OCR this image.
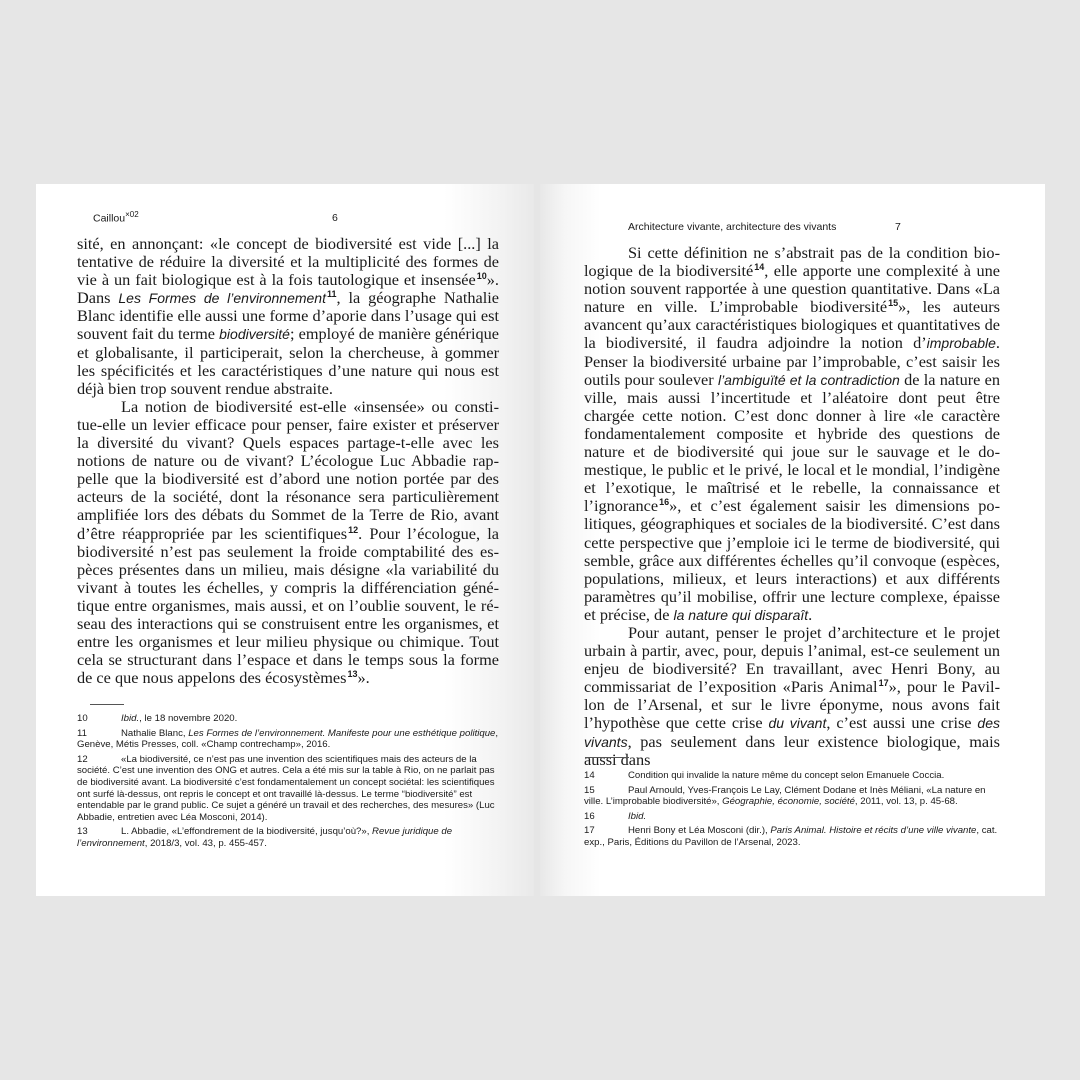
Caillou$^{\times 02}$	6

sité, en annonçant: «le concept de biodiversité est vide [...] la tentative de réduire la diversité et la multiplicité des formes de vie à un fait biologique est à la fois tautologique et insensée$^{10}$». Dans Les Formes de l’environnement$^{11}$, la géographe Nathalie Blanc identifie elle aussi une forme d’aporie dans l’usage qui est souvent fait du terme biodiversité; employé de manière générique et globalisante, il participerait, selon la chercheuse, à gommer les spécificités et les caractéristiques d’une nature qui nous est déjà bien trop souvent rendue abstraite.

La notion de biodiversité est-elle «insensée» ou constitue-elle un levier efficace pour penser, faire exister et préserver la diversité du vivant? Quels espaces partage-t-elle avec les notions de nature ou de vivant? L’écologue Luc Abbadie rappelle que la biodiversité est d’abord une notion portée par des acteurs de la société, dont la résonance sera particulièrement amplifiée lors des débats du Sommet de la Terre de Rio, avant d’être réappropriée par les scientifiques$^{12}$. Pour l’écologue, la biodiversité n’est pas seulement la froide comptabilité des espèces présentes dans un milieu, mais désigne «la variabilité du vivant à toutes les échelles, y compris la différenciation génétique entre organismes, mais aussi, et on l’oublie souvent, le réseau des interactions qui se construisent entre les organismes, et entre les organismes et leur milieu physique ou chimique. Tout cela se structurant dans l’espace et dans le temps sous la forme de ce que nous appelons des écosystèmes$^{13}$».

10	Ibid., le 18 novembre 2020.
11	Nathalie Blanc, Les Formes de l’environnement. Manifeste pour une esthétique politique, Genève, Métis Presses, coll. «Champ contrechamp», 2016.
12	«La biodiversité, ce n’est pas une invention des scientifiques mais des acteurs de la société. C’est une invention des ONG et autres. Cela a été mis sur la table à Rio, on ne parlait pas de biodiversité avant. La biodiversité c’est fondamentalement un concept sociétal: les scientifiques ont surfé là-dessus, ont repris le concept et ont travaillé là-dessus. Le terme “biodiversité” est entendable par le grand public. Ce sujet a généré un travail et des recherches, des mesures» (Luc Abbadie, entretien avec Léa Mosconi, 2014).
13	L. Abbadie, «L’effondrement de la biodiversité, jusqu’où?», Revue juridique de l’environnement, 2018/3, vol. 43, p. 455-457.
Architecture vivante, architecture des vivants	7

Si cette définition ne s’abstrait pas de la condition biologique de la biodiversité$^{14}$, elle apporte une complexité à une notion souvent rapportée à une question quantitative. Dans «La nature en ville. L’improbable biodiversité$^{15}$», les auteurs avancent qu’aux caractéristiques biologiques et quantitatives de la biodiversité, il faudra adjoindre la notion d’improbable. Penser la biodiversité urbaine par l’improbable, c’est saisir les outils pour soulever l’ambiguïté et la contradiction de la nature en ville, mais aussi l’incertitude et l’aléatoire dont peut être chargée cette notion. C’est donc donner à lire «le caractère fondamentalement composite et hybride des questions de nature et de biodiversité qui joue sur le sauvage et le domestique, le public et le privé, le local et le mondial, l’indigène et l’exotique, le maîtrisé et le rebelle, la connaissance et l’ignorance$^{16}$», et c’est également saisir les dimensions politiques, géographiques et sociales de la biodiversité. C’est dans cette perspective que j’emploie ici le terme de biodiversité, qui semble, grâce aux différentes échelles qu’il convoque (espèces, populations, milieux, et leurs interactions) et aux différents paramètres qu’il mobilise, offrir une lecture complexe, épaisse et précise, de la nature qui disparaît.

Pour autant, penser le projet d’architecture et le projet urbain à partir, avec, pour, depuis l’animal, est-ce seulement un enjeu de biodiversité? En travaillant, avec Henri Bony, au commissariat de l’exposition «Paris Animal$^{17}$», pour le Pavillon de l’Arsenal, et sur le livre éponyme, nous avons fait l’hypothèse que cette crise du vivant, c’est aussi une crise des vivants, pas seulement dans leur existence biologique, mais aussi dans

14	Condition qui invalide la nature même du concept selon Emanuele Coccia.
15	Paul Arnould, Yves-François Le Lay, Clément Dodane et Inès Méliani, «La nature en ville. L’improbable biodiversité», Géographie, économie, société, 2011, vol. 13, p. 45-68.
16	Ibid.
17	Henri Bony et Léa Mosconi (dir.), Paris Animal. Histoire et récits d’une ville vivante, cat. exp., Paris, Éditions du Pavillon de l’Arsenal, 2023.
